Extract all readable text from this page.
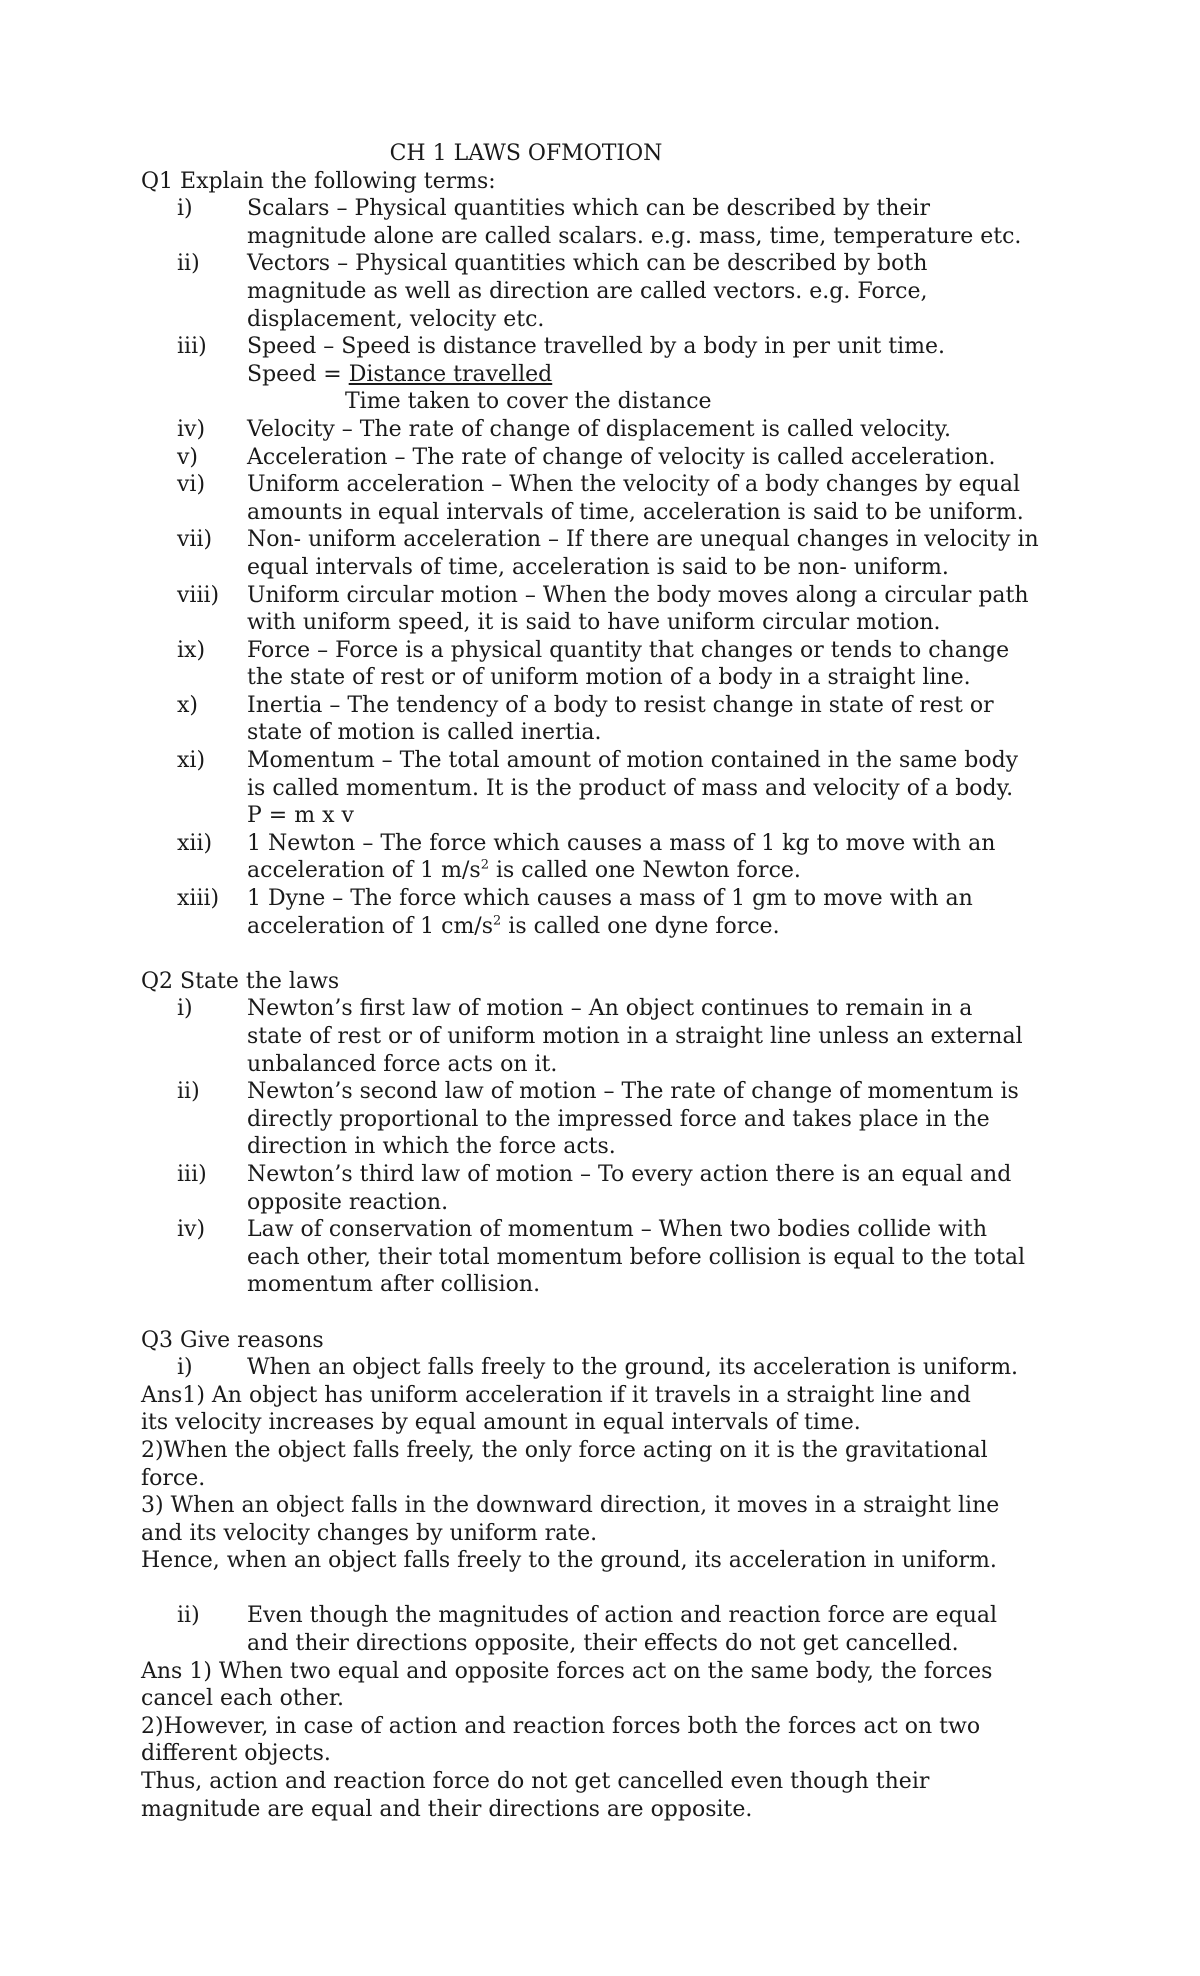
CH 1 LAWS OFMOTION
Q1 Explain the following terms:
i)	Scalars – Physical quantities which can be described by their
magnitude alone are called scalars. e.g. mass, time, temperature etc.
ii)	Vectors – Physical quantities which can be described by both
magnitude as well as direction are called vectors. e.g. Force,
displacement, velocity etc.
iii)	Speed – Speed is distance travelled by a body in per unit time.
Speed = Distance travelled
Time taken to cover the distance
iv)	Velocity – The rate of change of displacement is called velocity.
v)	Acceleration – The rate of change of velocity is called acceleration.
vi)	Uniform acceleration – When the velocity of a body changes by equal
amounts in equal intervals of time, acceleration is said to be uniform.
vii)	Non- uniform acceleration – If there are unequal changes in velocity in
equal intervals of time, acceleration is said to be non- uniform.
viii)	Uniform circular motion – When the body moves along a circular path
with uniform speed, it is said to have uniform circular motion.
ix)	Force – Force is a physical quantity that changes or tends to change
the state of rest or of uniform motion of a body in a straight line.
x)	Inertia – The tendency of a body to resist change in state of rest or
state of motion is called inertia.
xi)	Momentum – The total amount of motion contained in the same body
is called momentum. It is the product of mass and velocity of a body.
P = m x v
xii)	1 Newton – The force which causes a mass of 1 kg to move with an
acceleration of 1 $m/s^2$ is called one Newton force.
xiii)	1 Dyne – The force which causes a mass of 1 gm to move with an
acceleration of 1 $cm/s^2$ is called one dyne force.
Q2 State the laws
i)	Newton’s first law of motion – An object continues to remain in a
state of rest or of uniform motion in a straight line unless an external
unbalanced force acts on it.
ii)	Newton’s second law of motion – The rate of change of momentum is
directly proportional to the impressed force and takes place in the
direction in which the force acts.
iii)	Newton’s third law of motion – To every action there is an equal and
opposite reaction.
iv)	Law of conservation of momentum – When two bodies collide with
each other, their total momentum before collision is equal to the total
momentum after collision.
Q3 Give reasons
i)	When an object falls freely to the ground, its acceleration is uniform.
Ans1) An object has uniform acceleration if it travels in a straight line and
its velocity increases by equal amount in equal intervals of time.
2)When the object falls freely, the only force acting on it is the gravitational
force.
3) When an object falls in the downward direction, it moves in a straight line
and its velocity changes by uniform rate.
Hence, when an object falls freely to the ground, its acceleration in uniform.
ii)	Even though the magnitudes of action and reaction force are equal
and their directions opposite, their effects do not get cancelled.
Ans 1) When two equal and opposite forces act on the same body, the forces
cancel each other.
2)However, in case of action and reaction forces both the forces act on two
different objects.
Thus, action and reaction force do not get cancelled even though their
magnitude are equal and their directions are opposite.
